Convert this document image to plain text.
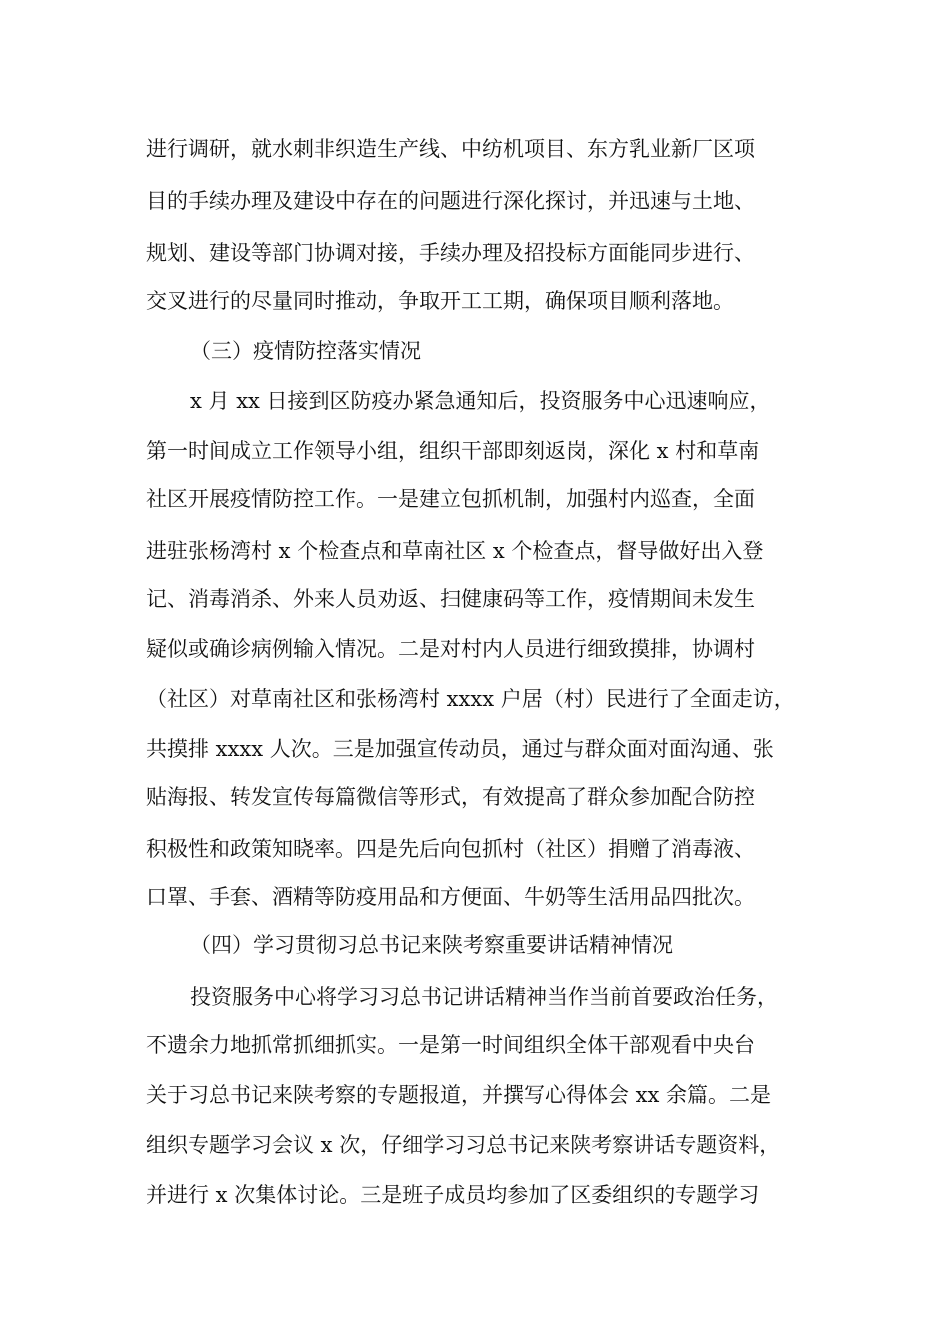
进行调研，就水刺非织造生产线、中纺机项目、东方乳业新厂区项
目的手续办理及建设中存在的问题进行深化探讨，并迅速与土地、
规划、建设等部门协调对接，手续办理及招投标方面能同步进行、
交叉进行的尽量同时推动，争取开工工期，确保项目顺利落地。
（三）疫情防控落实情况
x 月 xx 日接到区防疫办紧急通知后，投资服务中心迅速响应，
第一时间成立工作领导小组，组织干部即刻返岗，深化 x 村和草南
社区开展疫情防控工作。一是建立包抓机制，加强村内巡查，全面
进驻张杨湾村 x 个检查点和草南社区 x 个检查点，督导做好出入登
记、消毒消杀、外来人员劝返、扫健康码等工作，疫情期间未发生
疑似或确诊病例输入情况。二是对村内人员进行细致摸排，协调村
（社区）对草南社区和张杨湾村 xxxx 户居（村）民进行了全面走访，
共摸排 xxxx 人次。三是加强宣传动员，通过与群众面对面沟通、张
贴海报、转发宣传每篇微信等形式，有效提高了群众参加配合防控
积极性和政策知晓率。四是先后向包抓村（社区）捐赠了消毒液、
口罩、手套、酒精等防疫用品和方便面、牛奶等生活用品四批次。
（四）学习贯彻习总书记来陕考察重要讲话精神情况
投资服务中心将学习习总书记讲话精神当作当前首要政治任务，
不遗余力地抓常抓细抓实。一是第一时间组织全体干部观看中央台
关于习总书记来陕考察的专题报道，并撰写心得体会 xx 余篇。二是
组织专题学习会议 x 次，仔细学习习总书记来陕考察讲话专题资料，
并进行 x 次集体讨论。三是班子成员均参加了区委组织的专题学习
